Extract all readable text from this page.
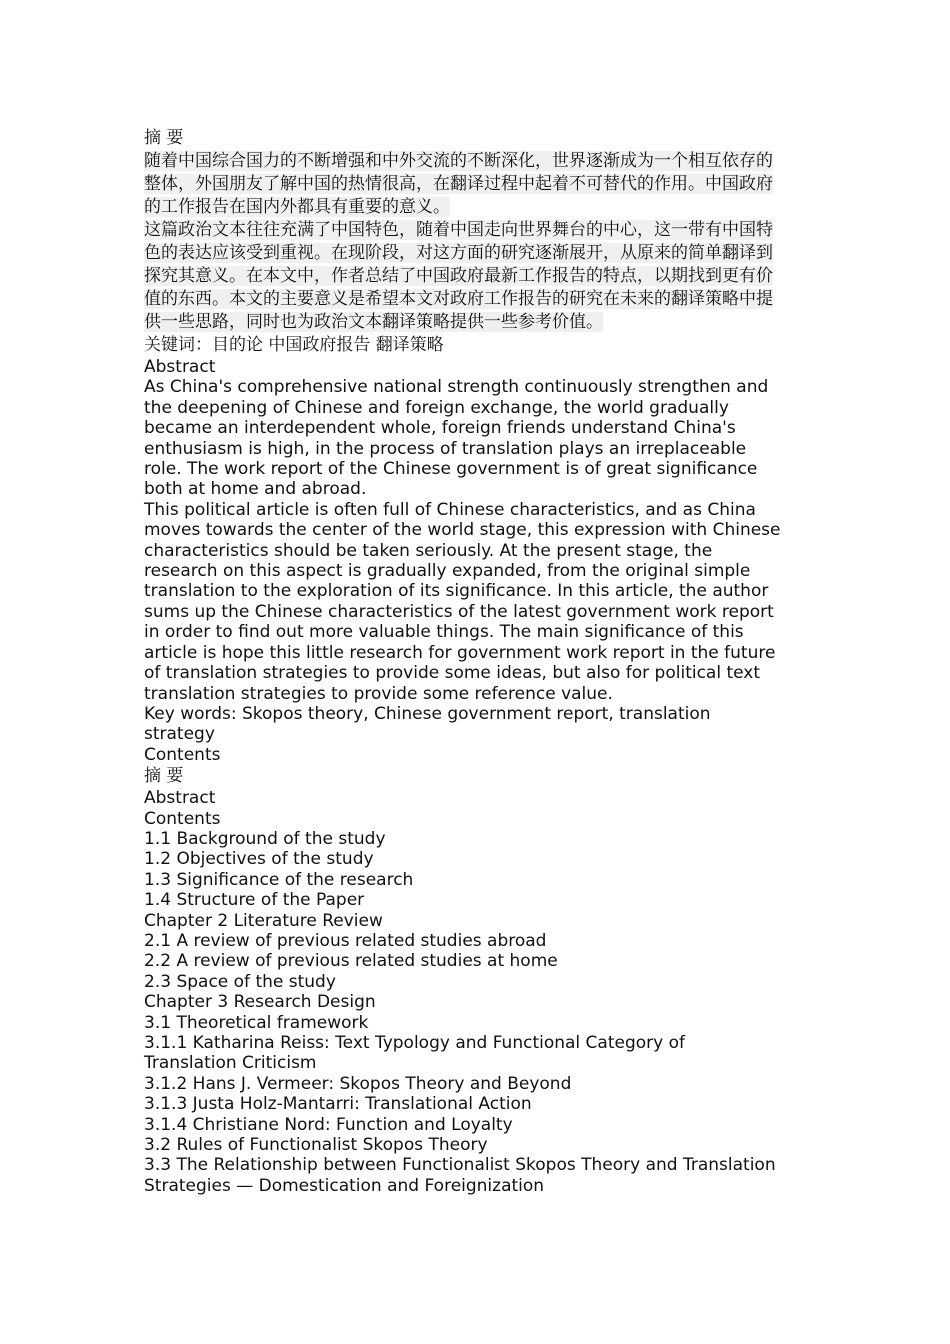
摘 要
随着中国综合国力的不断增强和中外交流的不断深化，世界逐渐成为一个相互依存的
整体，外国朋友了解中国的热情很高，在翻译过程中起着不可替代的作用。中国政府
的工作报告在国内外都具有重要的意义。
这篇政治文本往往充满了中国特色，随着中国走向世界舞台的中心，这一带有中国特
色的表达应该受到重视。在现阶段，对这方面的研究逐渐展开，从原来的简单翻译到
探究其意义。在本文中，作者总结了中国政府最新工作报告的特点，以期找到更有价
值的东西。本文的主要意义是希望本文对政府工作报告的研究在未来的翻译策略中提
供一些思路，同时也为政治文本翻译策略提供一些参考价值。
关键词：目的论 中国政府报告 翻译策略
Abstract
As China's comprehensive national strength continuously strengthen and
the deepening of Chinese and foreign exchange, the world gradually
became an interdependent whole, foreign friends understand China's
enthusiasm is high, in the process of translation plays an irreplaceable
role. The work report of the Chinese government is of great significance
both at home and abroad.
This political article is often full of Chinese characteristics, and as China
moves towards the center of the world stage, this expression with Chinese
characteristics should be taken seriously. At the present stage, the
research on this aspect is gradually expanded, from the original simple
translation to the exploration of its significance. In this article, the author
sums up the Chinese characteristics of the latest government work report
in order to find out more valuable things. The main significance of this
article is hope this little research for government work report in the future
of translation strategies to provide some ideas, but also for political text
translation strategies to provide some reference value.
Key words: Skopos theory, Chinese government report, translation
strategy
Contents
摘 要
Abstract
Contents
1.1 Background of the study
1.2 Objectives of the study
1.3 Significance of the research
1.4 Structure of the Paper
Chapter 2 Literature Review
2.1 A review of previous related studies abroad
2.2 A review of previous related studies at home
2.3 Space of the study
Chapter 3 Research Design
3.1 Theoretical framework
3.1.1 Katharina Reiss: Text Typology and Functional Category of
Translation Criticism
3.1.2 Hans J. Vermeer: Skopos Theory and Beyond
3.1.3 Justa Holz-Mantarri: Translational Action
3.1.4 Christiane Nord: Function and Loyalty
3.2 Rules of Functionalist Skopos Theory
3.3 The Relationship between Functionalist Skopos Theory and Translation
Strategies — Domestication and Foreignization
